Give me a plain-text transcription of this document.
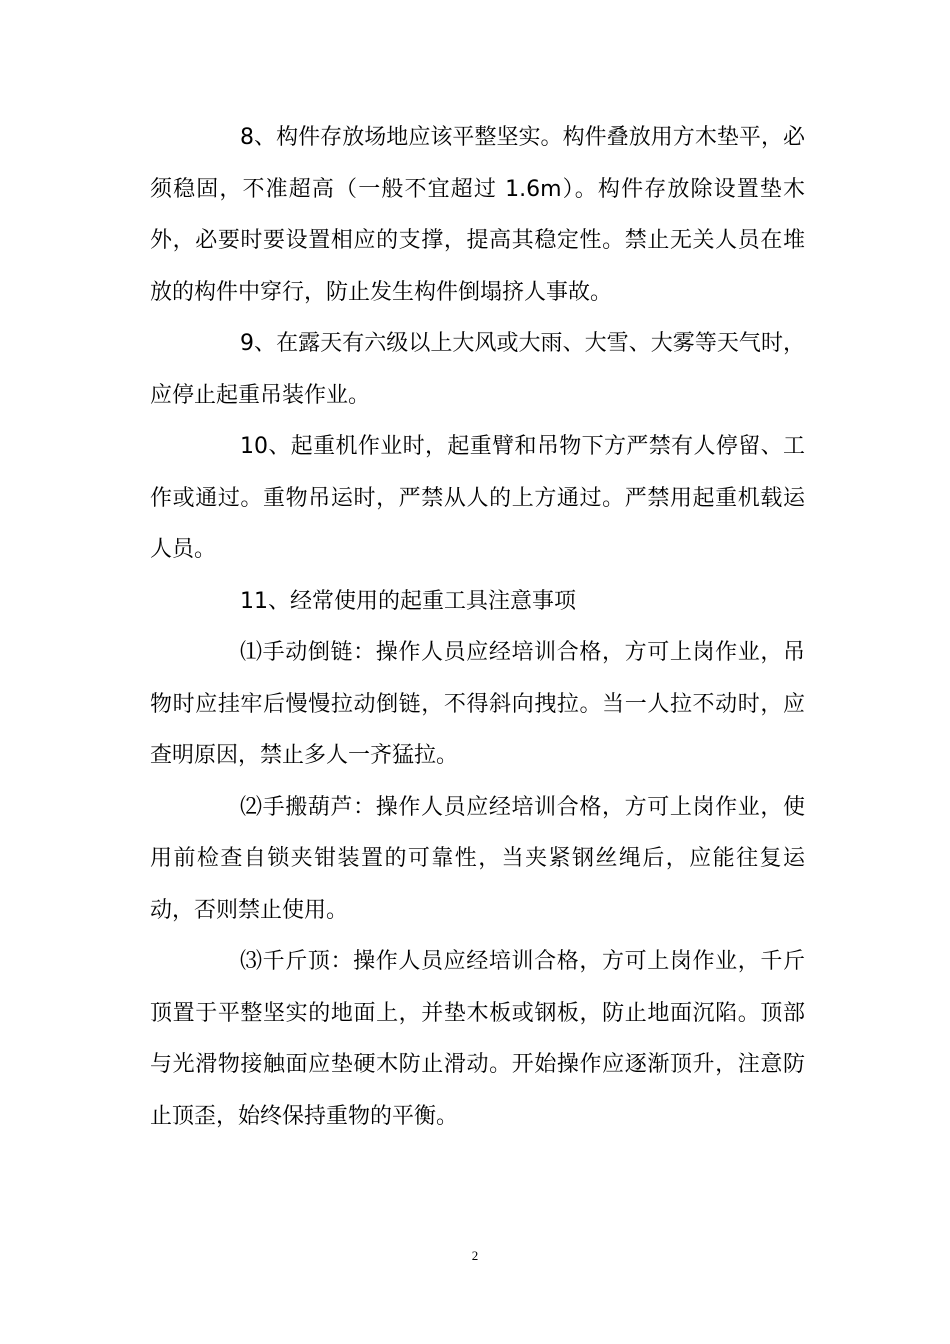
8、构件存放场地应该平整坚实。构件叠放用方木垫平，必须稳固，不准超高（一般不宜超过 1.6m）。构件存放除设置垫木外，必要时要设置相应的支撑，提高其稳定性。禁止无关人员在堆放的构件中穿行，防止发生构件倒塌挤人事故。

9、在露天有六级以上大风或大雨、大雪、大雾等天气时，应停止起重吊装作业。

10、起重机作业时，起重臂和吊物下方严禁有人停留、工作或通过。重物吊运时，严禁从人的上方通过。严禁用起重机载运人员。

11、经常使用的起重工具注意事项

⑴手动倒链：操作人员应经培训合格，方可上岗作业，吊物时应挂牢后慢慢拉动倒链，不得斜向拽拉。当一人拉不动时，应查明原因，禁止多人一齐猛拉。

⑵手搬葫芦：操作人员应经培训合格，方可上岗作业，使用前检查自锁夹钳装置的可靠性，当夹紧钢丝绳后，应能往复运动，否则禁止使用。

⑶千斤顶：操作人员应经培训合格，方可上岗作业，千斤顶置于平整坚实的地面上，并垫木板或钢板，防止地面沉陷。顶部与光滑物接触面应垫硬木防止滑动。开始操作应逐渐顶升，注意防止顶歪，始终保持重物的平衡。

2
